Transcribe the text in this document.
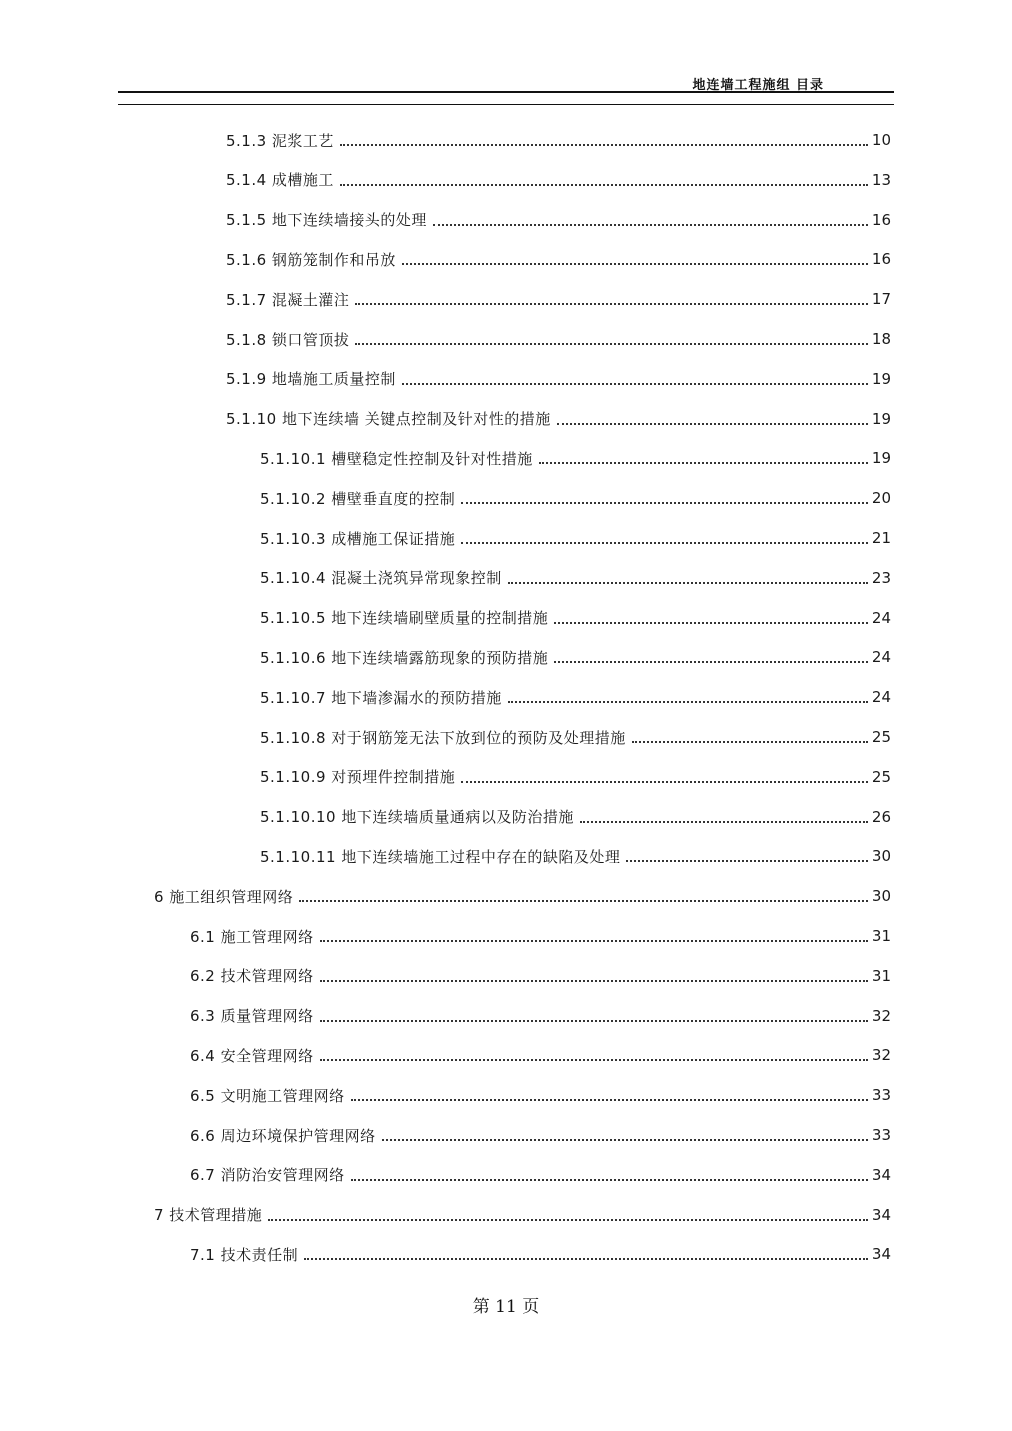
地连墙工程施组 目录
5.1.3 泥浆工艺	10
5.1.4 成槽施工	13
5.1.5 地下连续墙接头的处理	16
5.1.6 钢筋笼制作和吊放	16
5.1.7 混凝土灌注	17
5.1.8 锁口管顶拔	18
5.1.9 地墙施工质量控制	19
5.1.10 地下连续墙 关键点控制及针对性的措施	19
5.1.10.1 槽壁稳定性控制及针对性措施	19
5.1.10.2 槽壁垂直度的控制	20
5.1.10.3 成槽施工保证措施	21
5.1.10.4 混凝土浇筑异常现象控制	23
5.1.10.5 地下连续墙刷壁质量的控制措施	24
5.1.10.6 地下连续墙露筋现象的预防措施	24
5.1.10.7 地下墙渗漏水的预防措施	24
5.1.10.8 对于钢筋笼无法下放到位的预防及处理措施	25
5.1.10.9 对预埋件控制措施	25
5.1.10.10 地下连续墙质量通病以及防治措施	26
5.1.10.11 地下连续墙施工过程中存在的缺陷及处理	30
6 施工组织管理网络	30
6.1 施工管理网络	31
6.2 技术管理网络	31
6.3 质量管理网络	32
6.4 安全管理网络	32
6.5 文明施工管理网络	33
6.6 周边环境保护管理网络	33
6.7 消防治安管理网络	34
7 技术管理措施	34
7.1 技术责任制	34
第 11 页
